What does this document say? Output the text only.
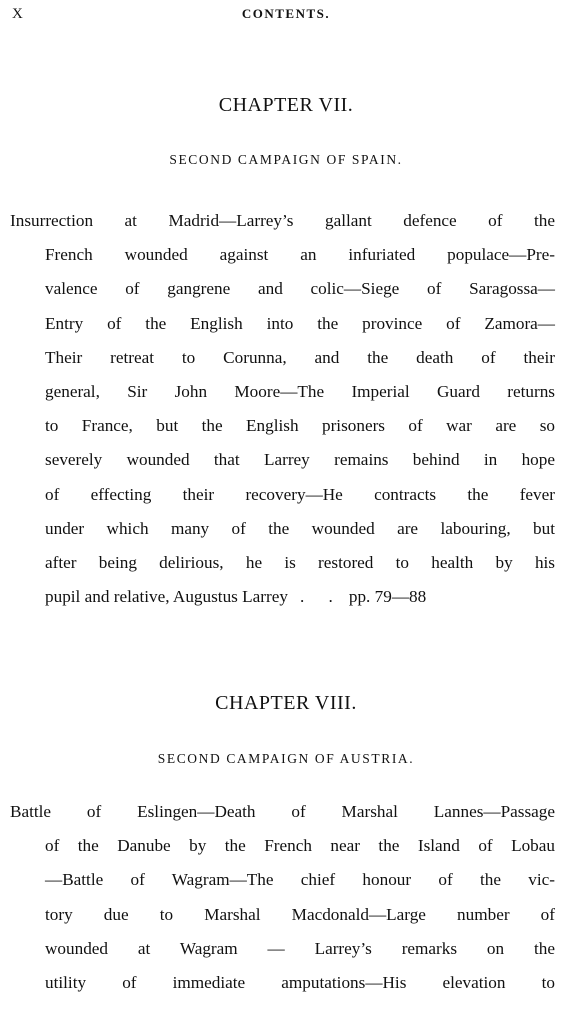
X	CONTENTS.

CHAPTER VII.

SECOND CAMPAIGN OF SPAIN.

Insurrection at Madrid—Larrey’s gallant defence of the
French wounded against an infuriated populace—Pre-
valence of gangrene and colic—Siege of Saragossa—
Entry of the English into the province of Zamora—
Their retreat to Corunna, and the death of their
general, Sir John Moore—The Imperial Guard returns
to France, but the English prisoners of war are so
severely wounded that Larrey remains behind in hope
of effecting their recovery—He contracts the fever
under which many of the wounded are labouring, but
after being delirious, he is restored to health by his
pupil and relative, Augustus Larrey . . pp. 79—88

CHAPTER VIII.

SECOND CAMPAIGN OF AUSTRIA.

Battle of Eslingen—Death of Marshal Lannes—Passage
of the Danube by the French near the Island of Lobau
—Battle of Wagram—The chief honour of the vic-
tory due to Marshal Macdonald—Large number of
wounded at Wagram — Larrey’s remarks on the
utility of immediate amputations—His elevation to
